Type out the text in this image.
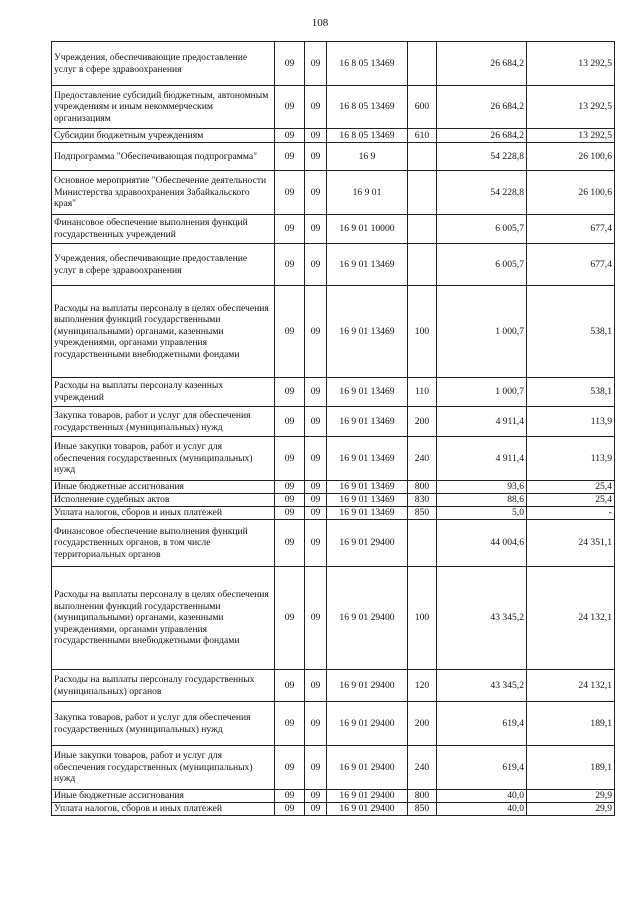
108
Учреждения, обеспечивающие предоставление услуг в сфере здравоохранения	09	09	16 8 05 13469		26 684,2	13 292,5
Предоставление субсидий бюджетным, автономным учреждениям и иным некоммерческим организациям	09	09	16 8 05 13469	600	26 684,2	13 292,5
Субсидии бюджетным учреждениям	09	09	16 8 05 13469	610	26 684,2	13 292,5
Подпрограмма "Обеспечивающая подпрограмма"	09	09	16 9		54 228,8	26 100,6
Основное мероприятие "Обеспечение деятельности Министерства здравоохранения Забайкальского края"	09	09	16 9 01		54 228,8	26 100,6
Финансовое обеспечение выполнения функций государственных учреждений	09	09	16 9 01 10000		6 005,7	677,4
Учреждения, обеспечивающие предоставление услуг в сфере здравоохранения	09	09	16 9 01 13469		6 005,7	677,4
Расходы на выплаты персоналу в целях обеспечения выполнения функций государственными (муниципальными) органами, казенными учреждениями, органами управления государственными внебюджетными фондами	09	09	16 9 01 13469	100	1 000,7	538,1
Расходы на выплаты персоналу казенных учреждений	09	09	16 9 01 13469	110	1 000,7	538,1
Закупка товаров, работ и услуг для обеспечения государственных (муниципальных) нужд	09	09	16 9 01 13469	200	4 911,4	113,9
Иные закупки товаров, работ и услуг для обеспечения государственных (муниципальных) нужд	09	09	16 9 01 13469	240	4 911,4	113,9
Иные бюджетные ассигнования	09	09	16 9 01 13469	800	93,6	25,4
Исполнение судебных актов	09	09	16 9 01 13469	830	88,6	25,4
Уплата налогов, сборов и иных платежей	09	09	16 9 01 13469	850	5,0	-
Финансовое обеспечение выполнения функций государственных органов, в том числе территориальных органов	09	09	16 9 01 29400		44 004,6	24 351,1
Расходы на выплаты персоналу в целях обеспечения выполнения функций государственными (муниципальными) органами, казенными учреждениями, органами управления государственными внебюджетными фондами	09	09	16 9 01 29400	100	43 345,2	24 132,1
Расходы на выплаты персоналу государственных (муниципальных) органов	09	09	16 9 01 29400	120	43 345,2	24 132,1
Закупка товаров, работ и услуг для обеспечения государственных (муниципальных) нужд	09	09	16 9 01 29400	200	619,4	189,1
Иные закупки товаров, работ и услуг для обеспечения государственных (муниципальных) нужд	09	09	16 9 01 29400	240	619,4	189,1
Иные бюджетные ассигнования	09	09	16 9 01 29400	800	40,0	29,9
Уплата налогов, сборов и иных платежей	09	09	16 9 01 29400	850	40,0	29,9
